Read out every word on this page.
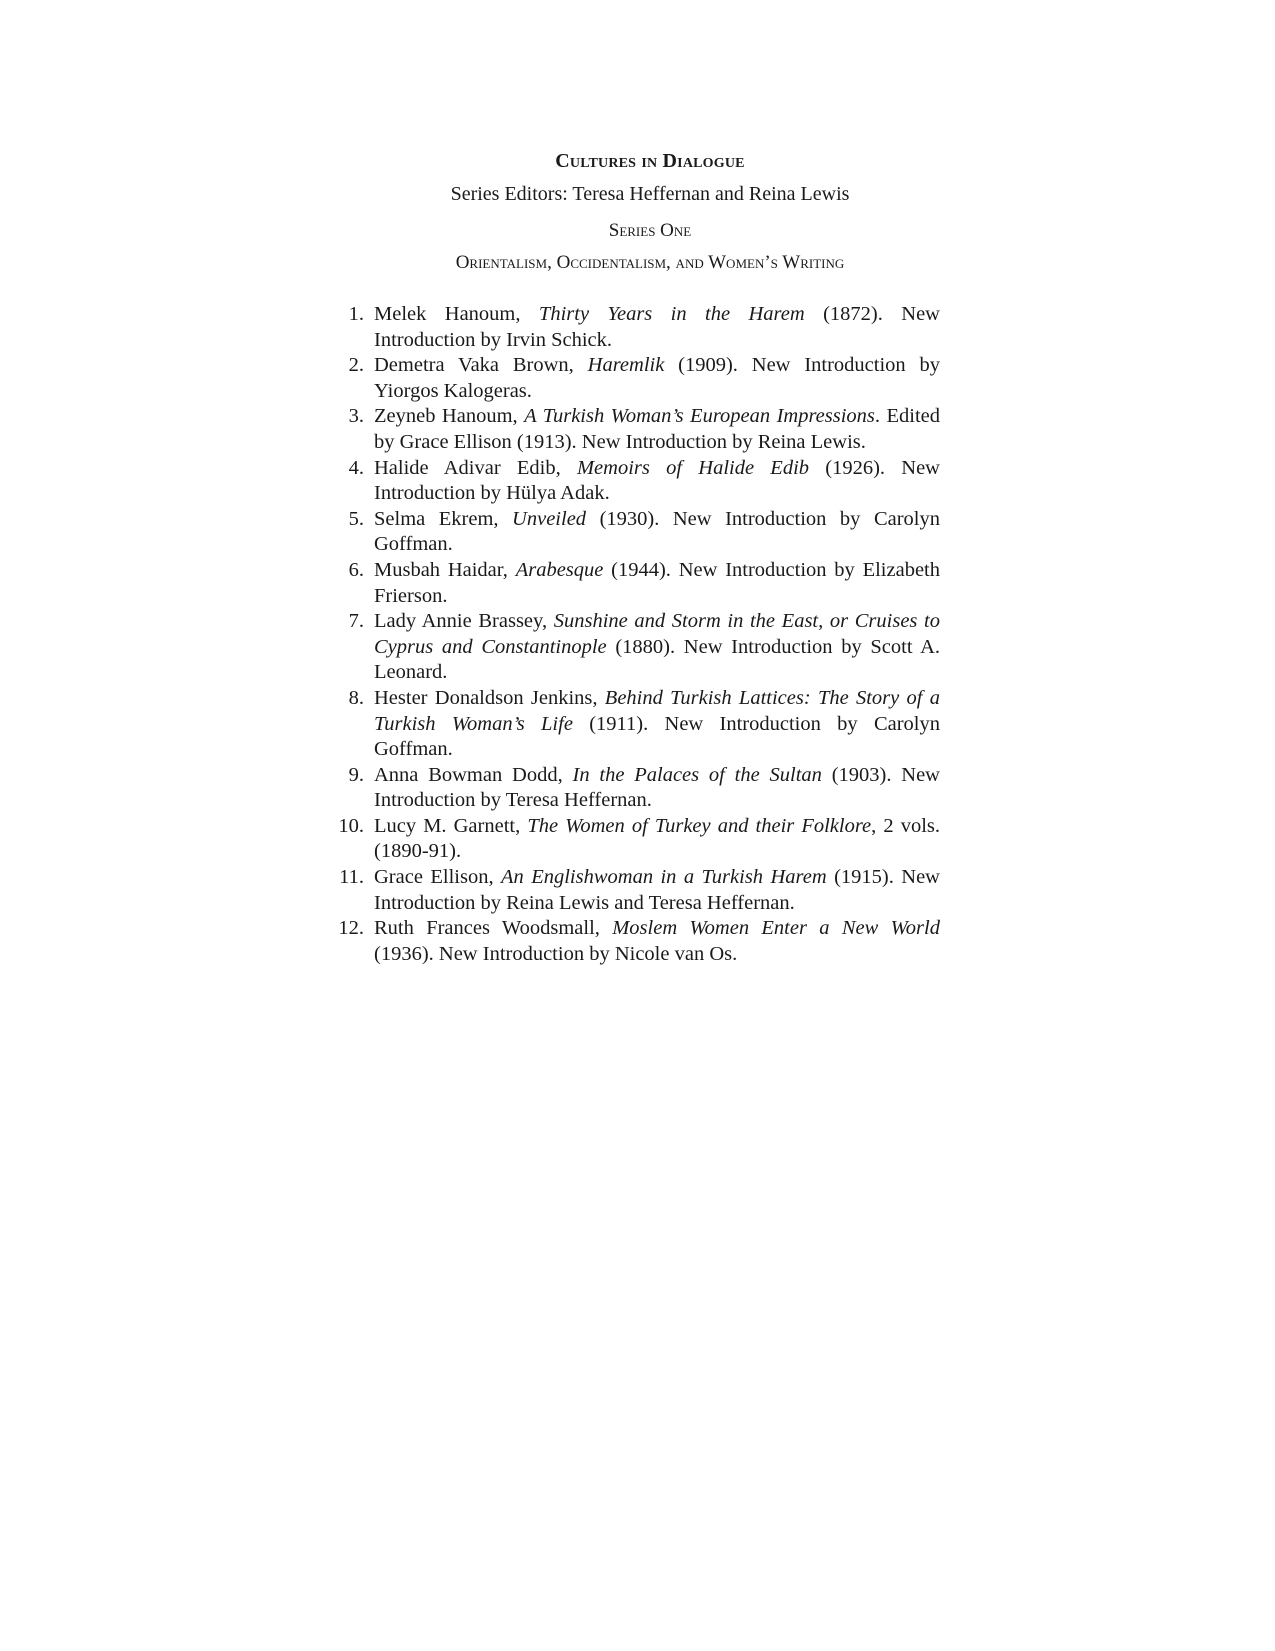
Cultures in Dialogue
Series Editors: Teresa Heffernan and Reina Lewis
Series One
Orientalism, Occidentalism, and Women’s Writing
1. Melek Hanoum, Thirty Years in the Harem (1872). New Introduction by Irvin Schick.
2. Demetra Vaka Brown, Haremlik (1909). New Introduction by Yiorgos Kalogeras.
3. Zeyneb Hanoum, A Turkish Woman’s European Impressions. Edited by Grace Ellison (1913). New Introduction by Reina Lewis.
4. Halide Adivar Edib, Memoirs of Halide Edib (1926). New Introduction by Hülya Adak.
5. Selma Ekrem, Unveiled (1930). New Introduction by Carolyn Goffman.
6. Musbah Haidar, Arabesque (1944). New Introduction by Elizabeth Frierson.
7. Lady Annie Brassey, Sunshine and Storm in the East, or Cruises to Cyprus and Constantinople (1880). New Introduction by Scott A. Leonard.
8. Hester Donaldson Jenkins, Behind Turkish Lattices: The Story of a Turkish Woman’s Life (1911). New Introduction by Carolyn Goffman.
9. Anna Bowman Dodd, In the Palaces of the Sultan (1903). New Introduction by Teresa Heffernan.
10. Lucy M. Garnett, The Women of Turkey and their Folklore, 2 vols. (1890-91).
11. Grace Ellison, An Englishwoman in a Turkish Harem (1915). New Introduction by Reina Lewis and Teresa Heffernan.
12. Ruth Frances Woodsmall, Moslem Women Enter a New World (1936). New Introduction by Nicole van Os.
